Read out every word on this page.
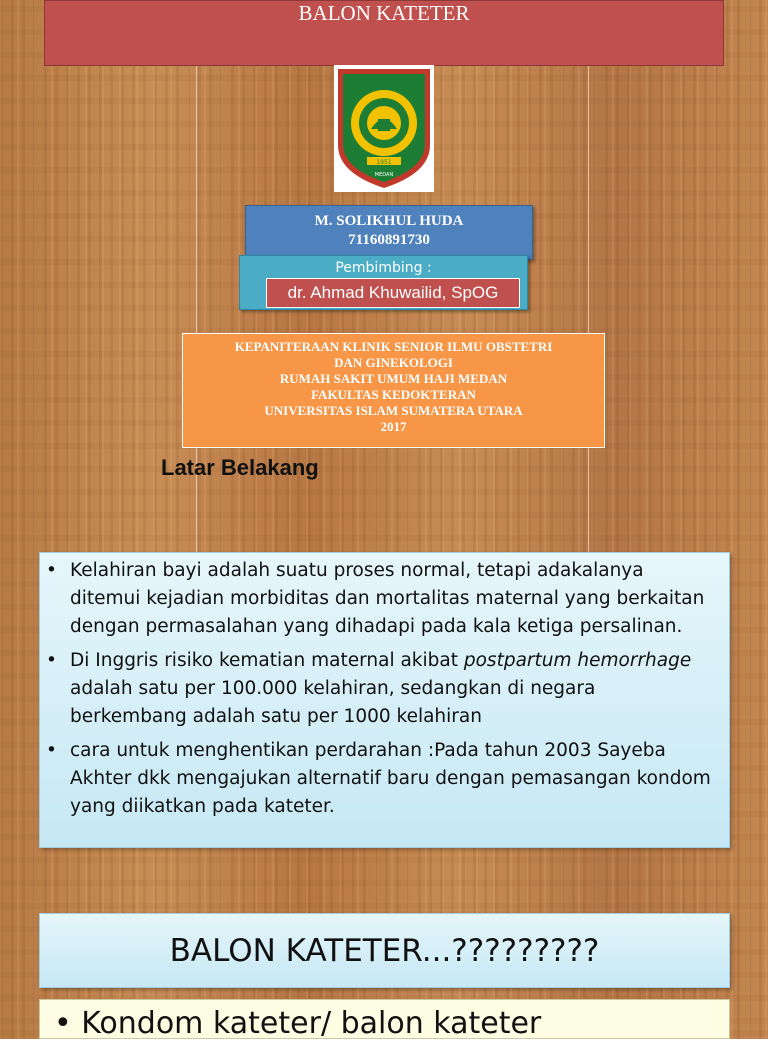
BALON KATETER
1951
MEDAN
M. SOLIKHUL HUDA
71160891730
Pembimbing :
dr. Ahmad Khuwailid, SpOG
KEPANITERAAN KLINIK SENIOR ILMU OBSTETRI
DAN GINEKOLOGI
RUMAH SAKIT UMUM HAJI MEDAN
FAKULTAS KEDOKTERAN
UNIVERSITAS ISLAM SUMATERA UTARA
2017
Latar Belakang
• Kelahiran bayi adalah suatu proses normal, tetapi adakalanya ditemui kejadian morbiditas dan mortalitas maternal yang berkaitan dengan permasalahan yang dihadapi pada kala ketiga persalinan.
• Di Inggris risiko kematian maternal akibat postpartum hemorrhage adalah satu per 100.000 kelahiran, sedangkan di negara berkembang adalah satu per 1000 kelahiran
• cara untuk menghentikan perdarahan :Pada tahun 2003 Sayeba Akhter dkk mengajukan alternatif baru dengan pemasangan kondom yang diikatkan pada kateter.
BALON KATETER...?????????
• Kondom kateter/ balon kateter
